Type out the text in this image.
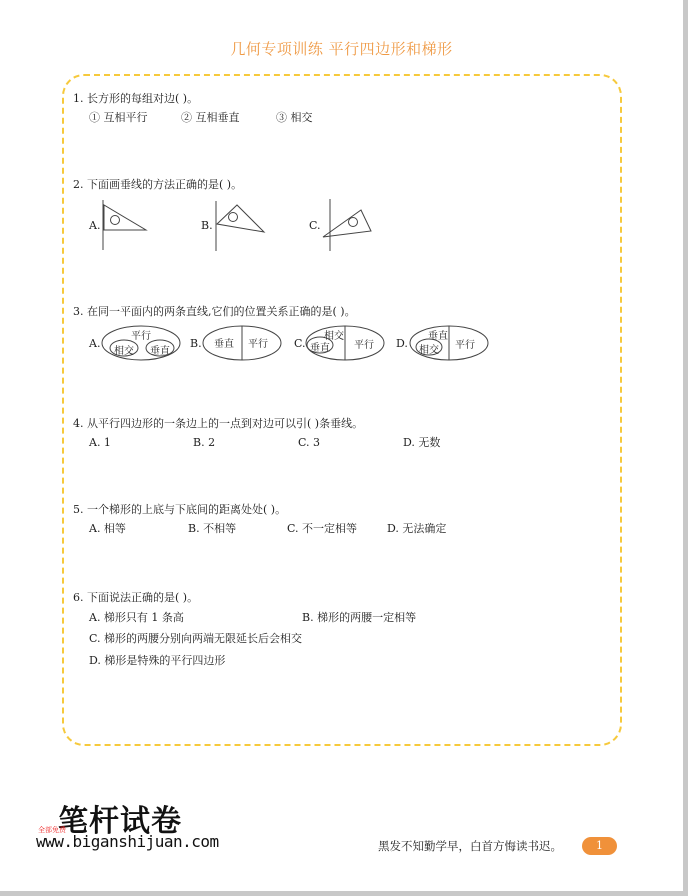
几何专项训练 平行四边形和梯形
1. 长方形的每组对边( )。
① 互相平行	② 互相垂直	③ 相交
2. 下面画垂线的方法正确的是( )。
A.	B.	C.
3. 在同一平面内的两条直线,它们的位置关系正确的是( )。
A.	B.	C.	D.
平行
相交 垂直
垂直 平行
相交
垂直 平行
垂直
相交 平行
4. 从平行四边形的一条边上的一点到对边可以引( )条垂线。
A. 1	B. 2	C. 3	D. 无数
5. 一个梯形的上底与下底间的距离处处( )。
A. 相等	B. 不相等	C. 不一定相等	D. 无法确定
6. 下面说法正确的是( )。
A. 梯形只有 1 条高	B. 梯形的两腰一定相等
C. 梯形的两腰分别向两端无限延长后会相交
D. 梯形是特殊的平行四边形
笔杆试卷
全部免费
www.biganshijuan.com	黑发不知勤学早，白首方悔读书迟。	1
